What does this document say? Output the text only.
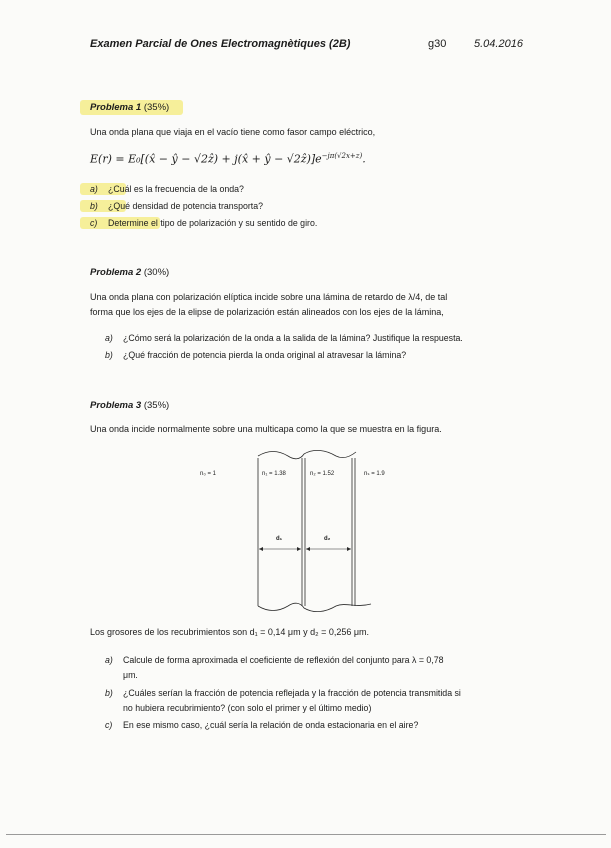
Examen Parcial de Ones Electromagnètiques (2B)	g30	5.04.2016
Problema 1 (35%)
Una onda plana que viaja en el vacío tiene como fasor campo eléctrico,
E(r) = E₀[(x̂ − ŷ − √2ẑ) + j(x̂ + ŷ − $√2ẑ)]e^{-j\pi(√2x+z)}$.
a) ¿Cuál es la frecuencia de la onda?
b) ¿Qué densidad de potencia transporta?
c) Determine el tipo de polarización y su sentido de giro.
Problema 2 (30%)
Una onda plana con polarización elíptica incide sobre una lámina de retardo de λ/4, de tal
forma que los ejes de la elipse de polarización están alineados con los ejes de la lámina,
a) ¿Cómo será la polarización de la onda a la salida de la lámina? Justifique la respuesta.
b) ¿Qué fracción de potencia pierda la onda original al atravesar la lámina?
Problema 3 (35%)
Una onda incide normalmente sobre una multicapa como la que se muestra en la figura.
n₀ = 1	n₁ = 1.38	n₂ = 1.52	nₛ = 1.9
d₁	d₂
Los grosores de los recubrimientos son d₁ = 0,14 μm y d₂ = 0,256 μm.
a) Calcule de forma aproximada el coeficiente de reflexión del conjunto para λ = 0,78
μm.
b) ¿Cuáles serían la fracción de potencia reflejada y la fracción de potencia transmitida si
no hubiera recubrimiento? (con solo el primer y el último medio)
c) En ese mismo caso, ¿cuál sería la relación de onda estacionaria en el aire?
